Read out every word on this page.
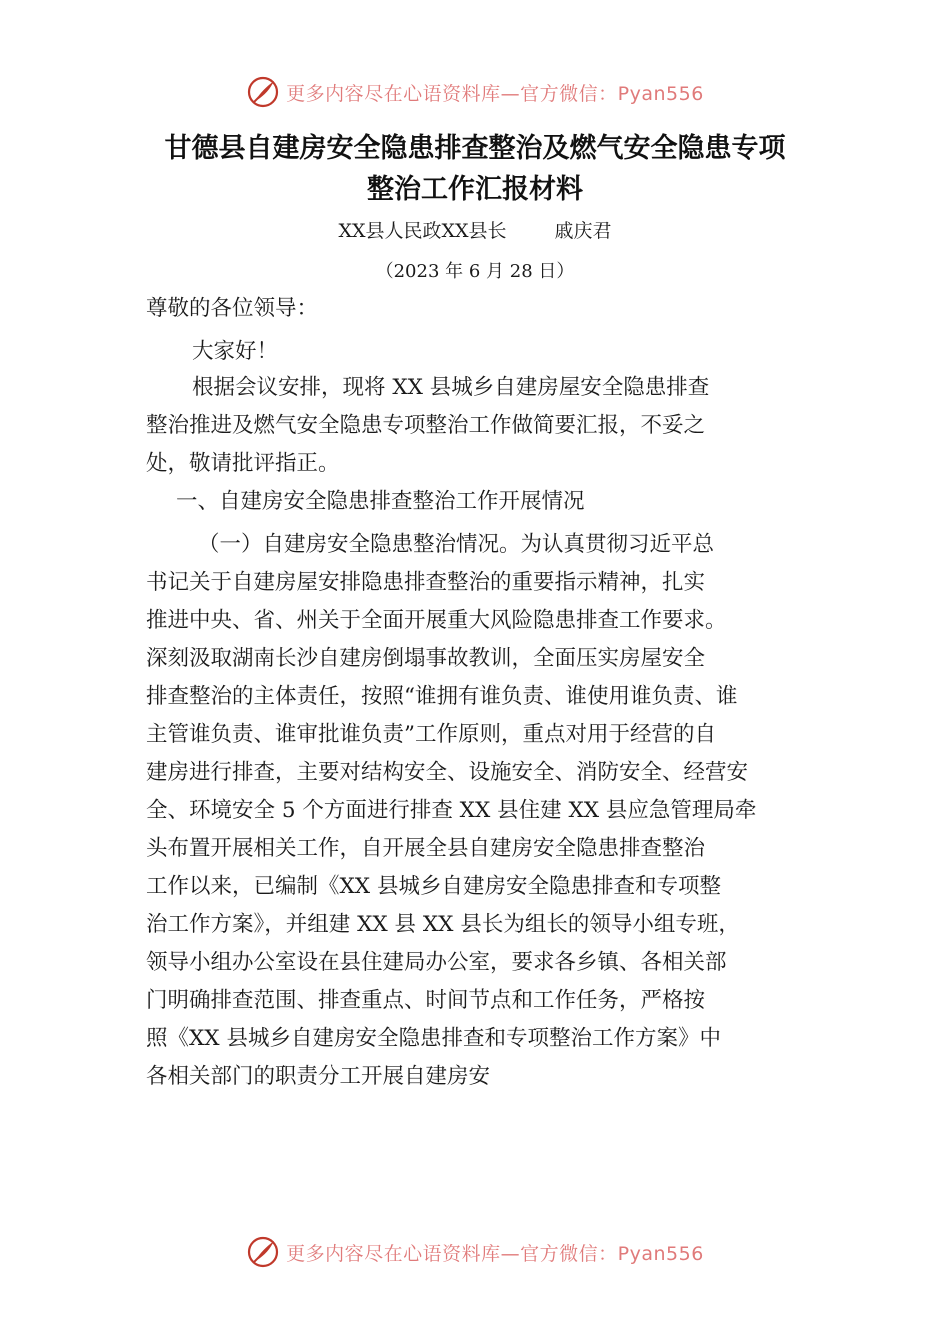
更多内容尽在心语资料库—官方微信：Pyan556
甘德县自建房安全隐患排查整治及燃气安全隐患专项
整治工作汇报材料
XX县人民政XX县长	戚庆君
（2023 年 6 月 28 日）
尊敬的各位领导：
大家好！
根据会议安排，现将 XX 县城乡自建房屋安全隐患排查
整治推进及燃气安全隐患专项整治工作做简要汇报，不妥之
处，敬请批评指正。
一、自建房安全隐患排查整治工作开展情况
（一）自建房安全隐患整治情况。为认真贯彻习近平总
书记关于自建房屋安排隐患排查整治的重要指示精神，扎实
推进中央、省、州关于全面开展重大风险隐患排查工作要求。
深刻汲取湖南长沙自建房倒塌事故教训，全面压实房屋安全
排查整治的主体责任，按照“谁拥有谁负责、谁使用谁负责、谁
主管谁负责、谁审批谁负责”工作原则，重点对用于经营的自
建房进行排查，主要对结构安全、设施安全、消防安全、经营安
全、环境安全 5 个方面进行排查 XX 县住建 XX 县应急管理局牵
头布置开展相关工作，自开展全县自建房安全隐患排查整治
工作以来，已编制《XX 县城乡自建房安全隐患排查和专项整
治工作方案》，并组建 XX 县 XX 县长为组长的领导小组专班，
领导小组办公室设在县住建局办公室，要求各乡镇、各相关部
门明确排查范围、排查重点、时间节点和工作任务，严格按
照《XX 县城乡自建房安全隐患排查和专项整治工作方案》中
各相关部门的职责分工开展自建房安
更多内容尽在心语资料库—官方微信：Pyan556
